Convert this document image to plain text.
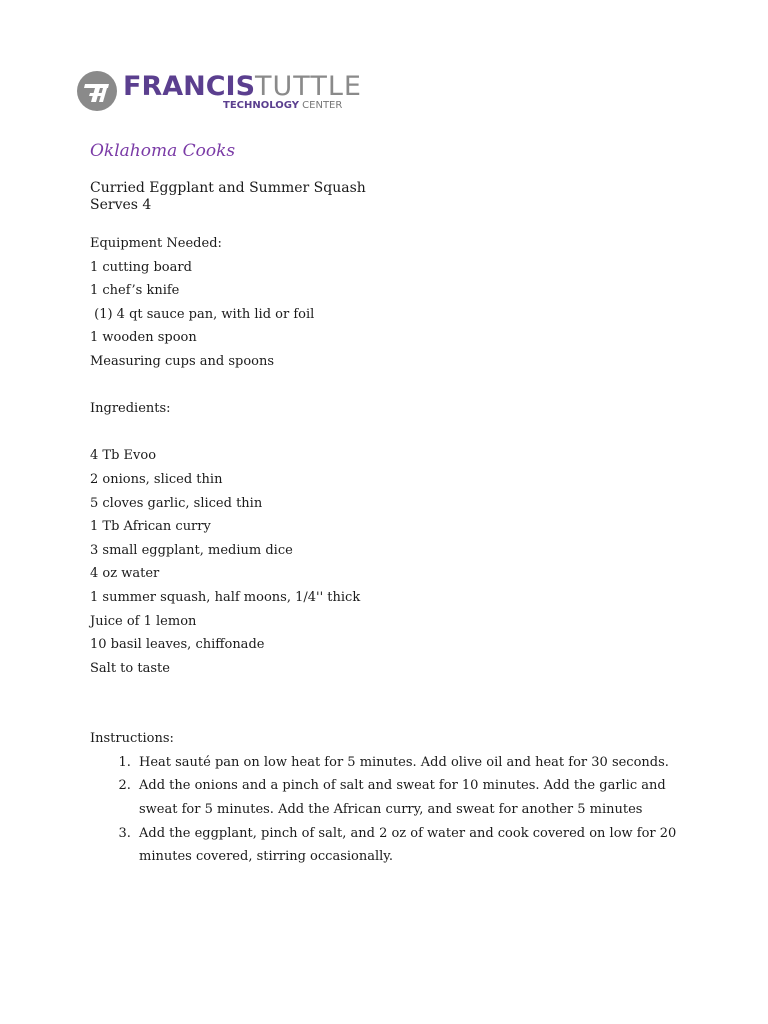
FRANCISTUTTLE
TECHNOLOGY CENTER

Oklahoma Cooks

Curried Eggplant and Summer Squash

Serves 4

Equipment Needed:

1 cutting board

1 chef’s knife

(1) 4 qt sauce pan, with lid or foil

1 wooden spoon

Measuring cups and spoons

Ingredients:

4 Tb Evoo

2 onions, sliced thin

5 cloves garlic, sliced thin

1 Tb African curry

3 small eggplant, medium dice

4 oz water

1 summer squash, half moons, 1/4'' thick

Juice of 1 lemon

10 basil leaves, chiffonade

Salt to taste

Instructions:

1. Heat sauté pan on low heat for 5 minutes. Add olive oil and heat for 30 seconds.
2. Add the onions and a pinch of salt and sweat for 10 minutes. Add the garlic and sweat for 5 minutes. Add the African curry, and sweat for another 5 minutes
3. Add the eggplant, pinch of salt, and 2 oz of water and cook covered on low for 20 minutes covered, stirring occasionally.
